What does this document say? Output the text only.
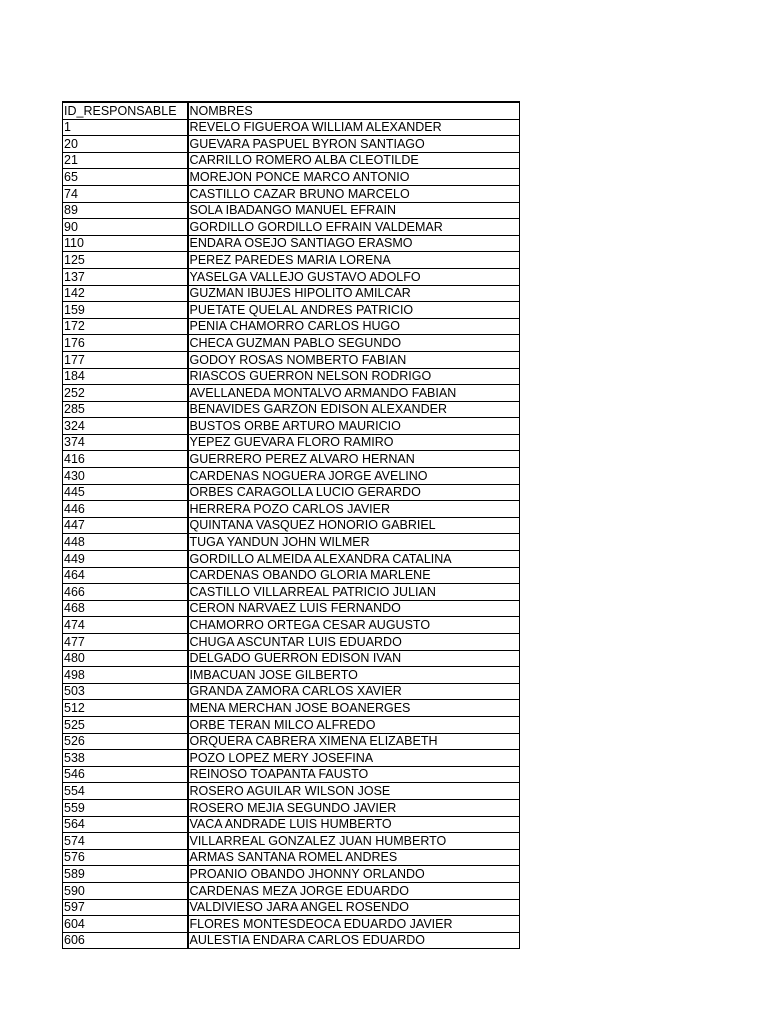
ID_RESPONSABLE	NOMBRES
1	REVELO FIGUEROA WILLIAM ALEXANDER
20	GUEVARA PASPUEL BYRON SANTIAGO
21	CARRILLO ROMERO ALBA CLEOTILDE
65	MOREJON PONCE MARCO ANTONIO
74	CASTILLO CAZAR BRUNO MARCELO
89	SOLA IBADANGO MANUEL EFRAIN
90	GORDILLO GORDILLO EFRAIN VALDEMAR
110	ENDARA OSEJO SANTIAGO ERASMO
125	PEREZ PAREDES MARIA LORENA
137	YASELGA VALLEJO GUSTAVO ADOLFO
142	GUZMAN IBUJES HIPOLITO AMILCAR
159	PUETATE QUELAL ANDRES PATRICIO
172	PENIA CHAMORRO CARLOS HUGO
176	CHECA GUZMAN PABLO SEGUNDO
177	GODOY ROSAS NOMBERTO FABIAN
184	RIASCOS GUERRON NELSON RODRIGO
252	AVELLANEDA MONTALVO ARMANDO FABIAN
285	BENAVIDES GARZON EDISON ALEXANDER
324	BUSTOS ORBE ARTURO MAURICIO
374	YEPEZ GUEVARA FLORO RAMIRO
416	GUERRERO PEREZ ALVARO HERNAN
430	CARDENAS NOGUERA JORGE AVELINO
445	ORBES CARAGOLLA LUCIO GERARDO
446	HERRERA POZO CARLOS JAVIER
447	QUINTANA VASQUEZ HONORIO GABRIEL
448	TUGA YANDUN JOHN WILMER
449	GORDILLO ALMEIDA ALEXANDRA CATALINA
464	CARDENAS OBANDO GLORIA MARLENE
466	CASTILLO VILLARREAL PATRICIO JULIAN
468	CERON NARVAEZ LUIS FERNANDO
474	CHAMORRO ORTEGA CESAR AUGUSTO
477	CHUGA ASCUNTAR LUIS EDUARDO
480	DELGADO GUERRON EDISON IVAN
498	IMBACUAN JOSE GILBERTO
503	GRANDA ZAMORA CARLOS XAVIER
512	MENA MERCHAN JOSE BOANERGES
525	ORBE TERAN MILCO ALFREDO
526	ORQUERA CABRERA XIMENA ELIZABETH
538	POZO LOPEZ MERY JOSEFINA
546	REINOSO TOAPANTA FAUSTO
554	ROSERO AGUILAR WILSON JOSE
559	ROSERO MEJIA SEGUNDO JAVIER
564	VACA ANDRADE LUIS HUMBERTO
574	VILLARREAL GONZALEZ JUAN HUMBERTO
576	ARMAS SANTANA ROMEL ANDRES
589	PROANIO OBANDO JHONNY ORLANDO
590	CARDENAS MEZA JORGE EDUARDO
597	VALDIVIESO JARA ANGEL ROSENDO
604	FLORES MONTESDEOCA EDUARDO JAVIER
606	AULESTIA ENDARA CARLOS EDUARDO
